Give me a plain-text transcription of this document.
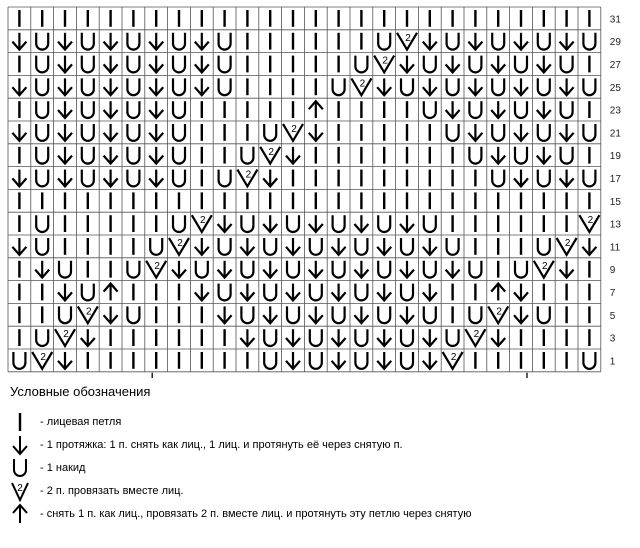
31
2	29
2	27
2	25
23
2	21
2	19
2	17
15
2	2 13
2	2	11
2	2	9
7
2	2	5
2	2	3
2	2	1
Условные обозначения
- лицевая петля
- 1 протяжка: 1 п. снять как лиц., 1 лиц. и протянуть её через снятую п.
- 1 накид
2 - 2 п. провязать вместе лиц.
- снять 1 п. как лиц., провязать 2 п. вместе лиц. и протянуть эту петлю через снятую
